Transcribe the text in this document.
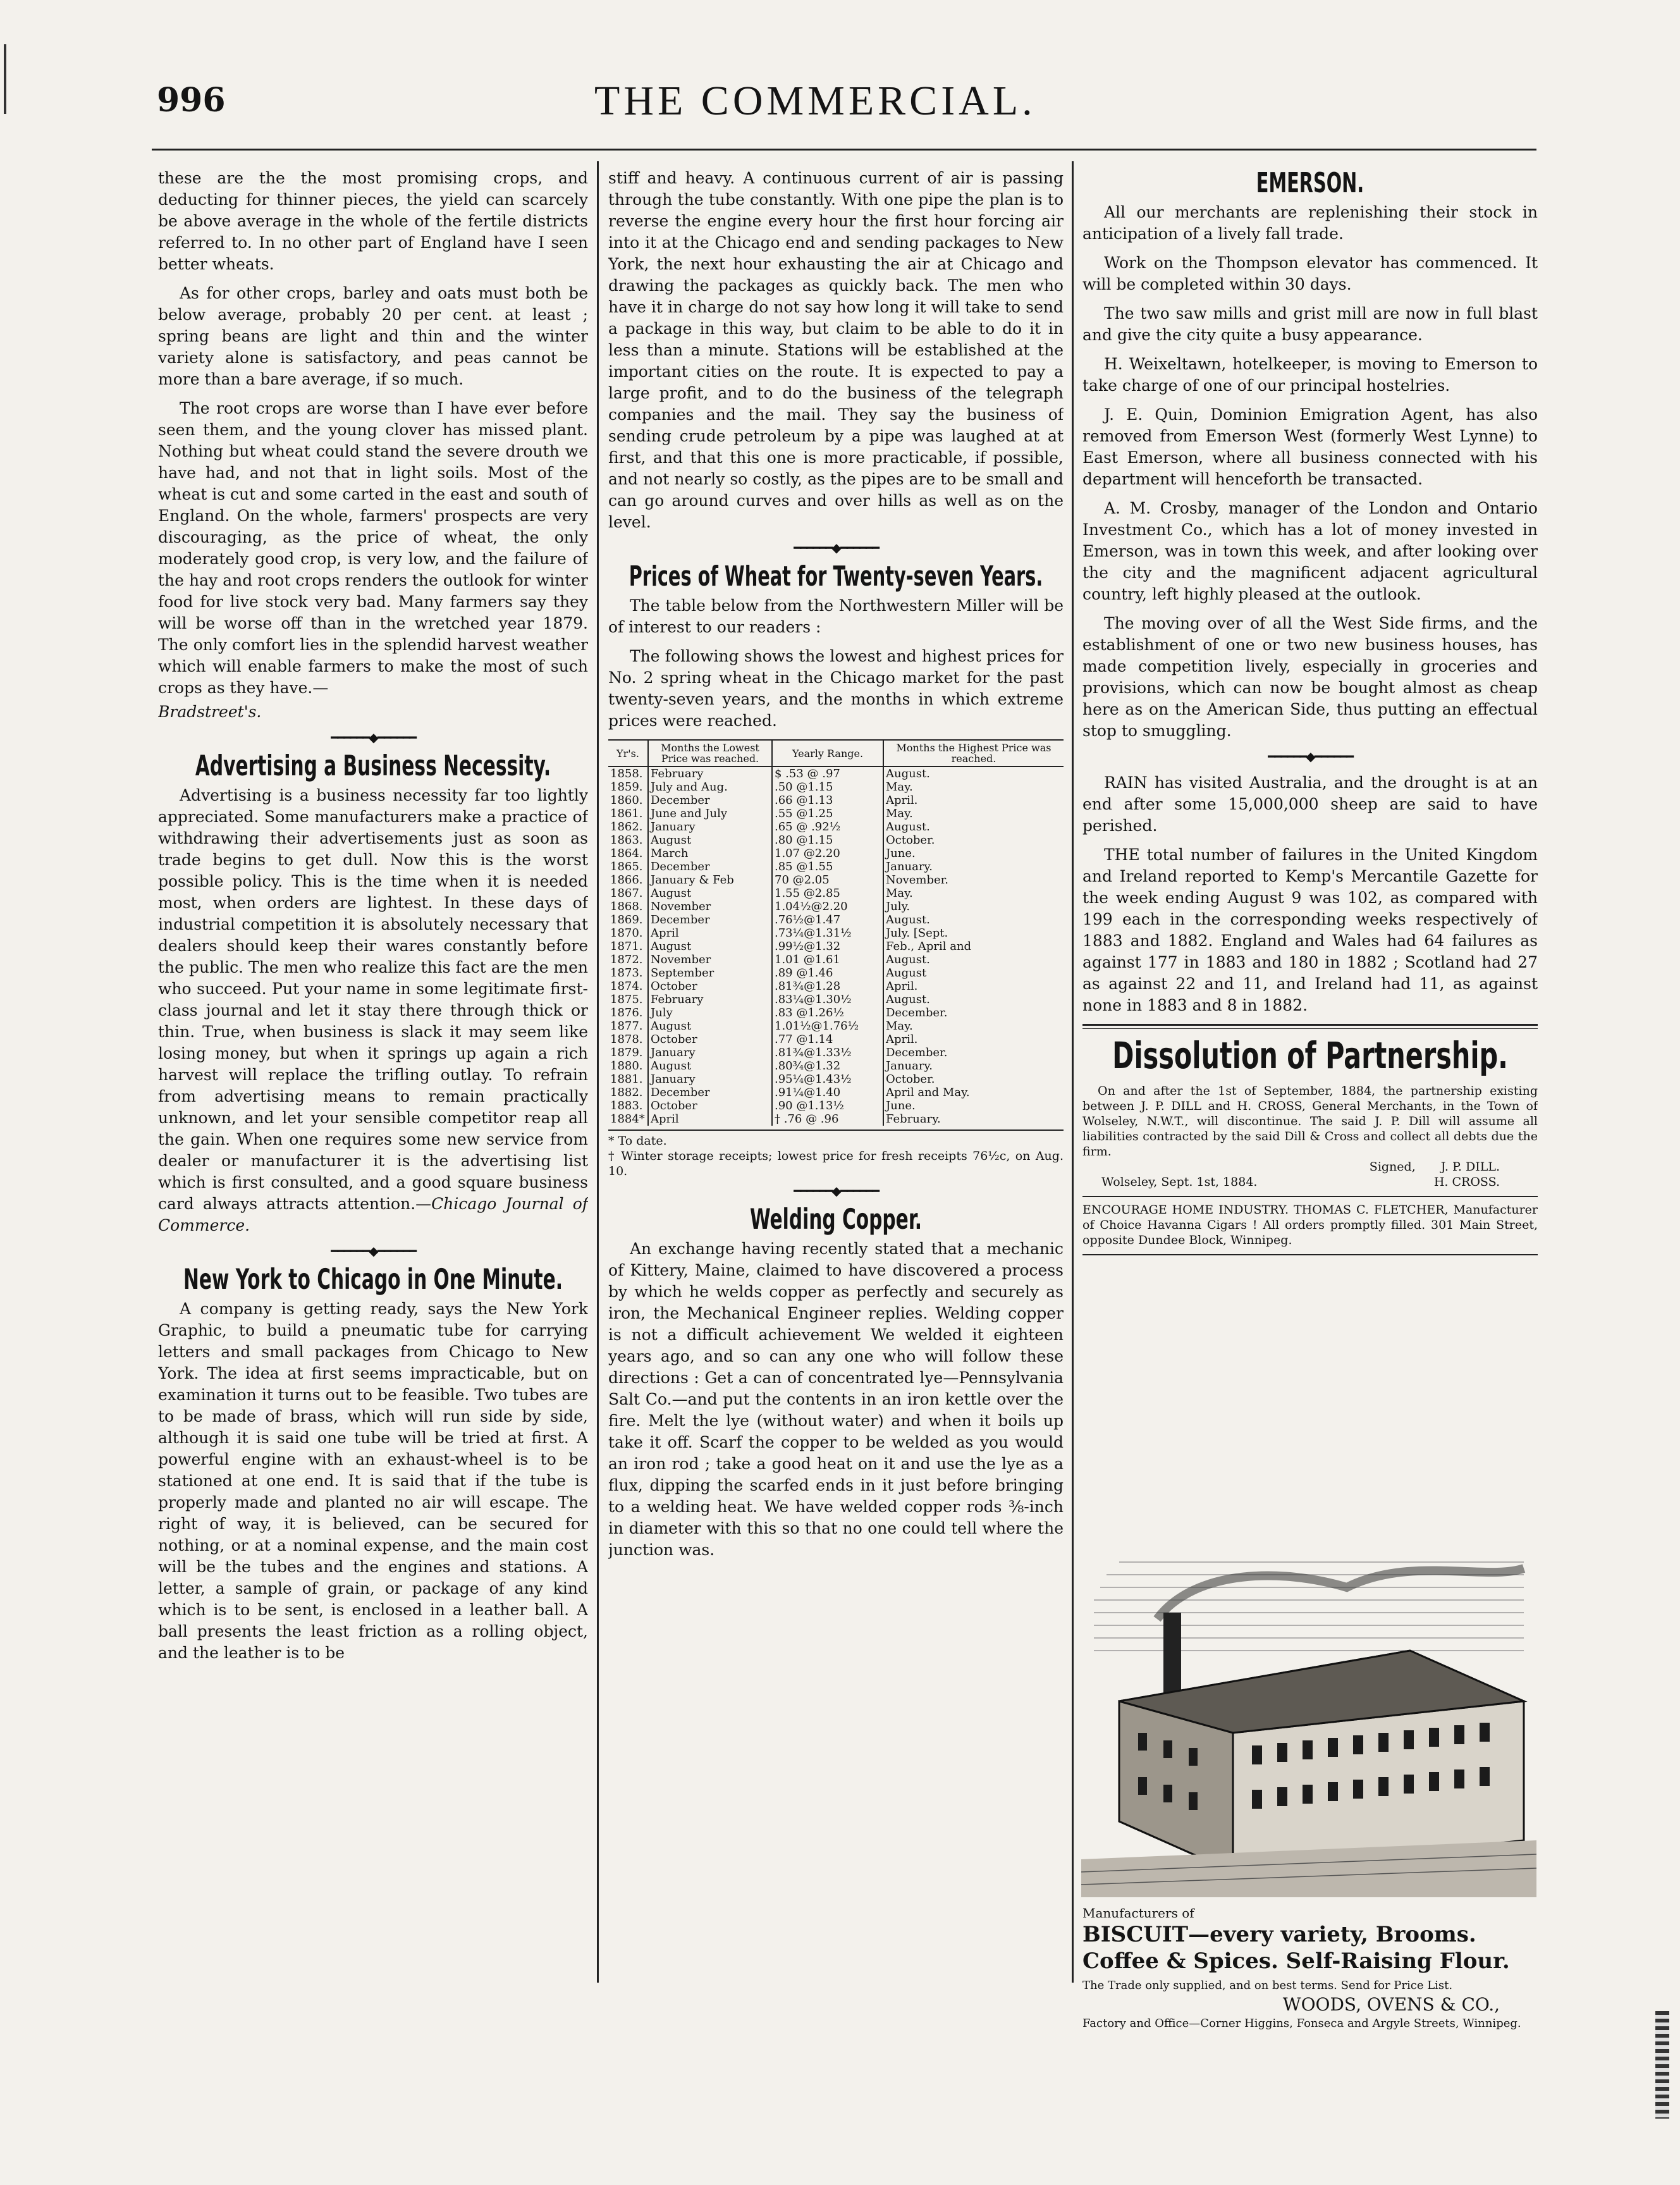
996	THE COMMERCIAL.

these are the the most promising crops, and deducting for thinner pieces, the yield can scarcely be above average in the whole of the fertile districts referred to. In no other part of England have I seen better wheats.

As for other crops, barley and oats must both be below average, probably 20 per cent. at least ; spring beans are light and thin and the winter variety alone is satisfactory, and peas cannot be more than a bare average, if so much.

The root crops are worse than I have ever before seen them, and the young clover has missed plant. Nothing but wheat could stand the severe drouth we have had, and not that in light soils. Most of the wheat is cut and some carted in the east and south of England. On the whole, farmers' prospects are very discouraging, as the price of wheat, the only moderately good crop, is very low, and the failure of the hay and root crops renders the outlook for winter food for live stock very bad. Many farmers say they will be worse off than in the wretched year 1879. The only comfort lies in the splendid harvest weather which will enable farmers to make the most of such crops as they have.—

Bradstreet's.

━━━━━━◆━━━━━━
Advertising a Business Necessity.

Advertising is a business necessity far too lightly appreciated. Some manufacturers make a practice of withdrawing their advertisements just as soon as trade begins to get dull. Now this is the worst possible policy. This is the time when it is needed most, when orders are lightest. In these days of industrial competition it is absolutely necessary that dealers should keep their wares constantly before the public. The men who realize this fact are the men who succeed. Put your name in some legitimate first-class journal and let it stay there through thick or thin. True, when business is slack it may seem like losing money, but when it springs up again a rich harvest will replace the trifling outlay. To refrain from advertising means to remain practically unknown, and let your sensible competitor reap all the gain. When one requires some new service from dealer or manufacturer it is the advertising list which is first consulted, and a good square business card always attracts attention.—Chicago Journal of Commerce.

━━━━━━◆━━━━━━
New York to Chicago in One Minute.

A company is getting ready, says the New York Graphic, to build a pneumatic tube for carrying letters and small packages from Chicago to New York. The idea at first seems impracticable, but on examination it turns out to be feasible. Two tubes are to be made of brass, which will run side by side, although it is said one tube will be tried at first. A powerful engine with an exhaust-wheel is to be stationed at one end. It is said that if the tube is properly made and planted no air will escape. The right of way, it is believed, can be secured for nothing, or at a nominal expense, and the main cost will be the tubes and the engines and stations. A letter, a sample of grain, or package of any kind which is to be sent, is enclosed in a leather ball. A ball presents the least friction as a rolling object, and the leather is to be

stiff and heavy. A continuous current of air is passing through the tube constantly. With one pipe the plan is to reverse the engine every hour the first hour forcing air into it at the Chicago end and sending packages to New York, the next hour exhausting the air at Chicago and drawing the packages as quickly back. The men who have it in charge do not say how long it will take to send a package in this way, but claim to be able to do it in less than a minute. Stations will be established at the important cities on the route. It is expected to pay a large profit, and to do the business of the telegraph companies and the mail. They say the business of sending crude petroleum by a pipe was laughed at at first, and that this one is more practicable, if possible, and not nearly so costly, as the pipes are to be small and can go around curves and over hills as well as on the level.

━━━━━━◆━━━━━━
Prices of Wheat for Twenty-seven Years.

The table below from the Northwestern Miller will be of interest to our readers :

The following shows the lowest and highest prices for No. 2 spring wheat in the Chicago market for the past twenty-seven years, and the months in which extreme prices were reached.

Yr's.	Months the Lowest Price was reached.	Yearly Range.	Months the Highest Price was reached.
1858.	February	$ .53 @ .97	August.
1859.	July and Aug.	.50 @1.15	May.
1860.	December	.66 @1.13	April.
1861.	June and July	.55 @1.25	May.
1862.	January	.65 @ .92½	August.
1863.	August	.80 @1.15	October.
1864.	March	1.07 @2.20	June.
1865.	December	.85 @1.55	January.
1866.	January & Feb	70 @2.05	November.
1867.	August	1.55 @2.85	May.
1868.	November	1.04½@2.20	July.
1869.	December	.76½@1.47	August.
1870.	April	.73¼@1.31½	July. [Sept.
1871.	August	.99½@1.32	Feb., April and
1872.	November	1.01 @1.61	August.
1873.	September	.89 @1.46	August
1874.	October	.81¾@1.28	April.
1875.	February	.83¼@1.30½	August.
1876.	July	.83 @1.26½	December.
1877.	August	1.01½@1.76½	May.
1878.	October	.77 @1.14	April.
1879.	January	.81¾@1.33½	December.
1880.	August	.80¾@1.32	January.
1881.	January	.95¼@1.43½	October.
1882.	December	.91¼@1.40	April and May.
1883.	October	.90 @1.13½	June.
1884*	April	† .76 @ .96	February.
* To date.
† Winter storage receipts; lowest price for fresh receipts 76½c, on Aug. 10.
━━━━━━◆━━━━━━
Welding Copper.

An exchange having recently stated that a mechanic of Kittery, Maine, claimed to have discovered a process by which he welds copper as perfectly and securely as iron, the Mechanical Engineer replies. Welding copper is not a difficult achievement We welded it eighteen years ago, and so can any one who will follow these directions : Get a can of concentrated lye—Pennsylvania Salt Co.—and put the contents in an iron kettle over the fire. Melt the lye (without water) and when it boils up take it off. Scarf the copper to be welded as you would an iron rod ; take a good heat on it and use the lye as a flux, dipping the scarfed ends in it just before bringing to a welding heat. We have welded copper rods ⅜-inch in diameter with this so that no one could tell where the junction was.

EMERSON.

All our merchants are replenishing their stock in anticipation of a lively fall trade.

Work on the Thompson elevator has commenced. It will be completed within 30 days.

The two saw mills and grist mill are now in full blast and give the city quite a busy appearance.

H. Weixeltawn, hotelkeeper, is moving to Emerson to take charge of one of our principal hostelries.

J. E. Quin, Dominion Emigration Agent, has also removed from Emerson West (formerly West Lynne) to East Emerson, where all business connected with his department will henceforth be transacted.

A. M. Crosby, manager of the London and Ontario Investment Co., which has a lot of money invested in Emerson, was in town this week, and after looking over the city and the magnificent adjacent agricultural country, left highly pleased at the outlook.

The moving over of all the West Side firms, and the establishment of one or two new business houses, has made competition lively, especially in groceries and provisions, which can now be bought almost as cheap here as on the American Side, thus putting an effectual stop to smuggling.

━━━━━━◆━━━━━━

RAIN has visited Australia, and the drought is at an end after some 15,000,000 sheep are said to have perished.

THE total number of failures in the United Kingdom and Ireland reported to Kemp's Mercantile Gazette for the week ending August 9 was 102, as compared with 199 each in the corresponding weeks respectively of 1883 and 1882. England and Wales had 64 failures as against 177 in 1883 and 180 in 1882 ; Scotland had 27 as against 22 and 11, and Ireland had 11, as against none in 1883 and 8 in 1882.

Dissolution of Partnership.
On and after the 1st of September, 1884, the partnership existing between J. P. DILL and H. CROSS, General Merchants, in the Town of Wolseley, N.W.T., will discontinue. The said J. P. Dill will assume all liabilities contracted by the said Dill & Cross and collect all debts due the firm.
Signed, J. P. DILL.
Wolseley, Sept. 1st, 1884.	H. CROSS.
ENCOURAGE HOME INDUSTRY. THOMAS C. FLETCHER, Manufacturer of Choice Havanna Cigars ! All orders promptly filled. 301 Main Street, opposite Dundee Block, Winnipeg.
Manufacturers of
BISCUIT—every variety, Brooms.
Coffee & Spices. Self-Raising Flour.
The Trade only supplied, and on best terms. Send for Price List.
WOODS, OVENS & CO.,
Factory and Office—Corner Higgins, Fonseca and Argyle Streets, Winnipeg.
